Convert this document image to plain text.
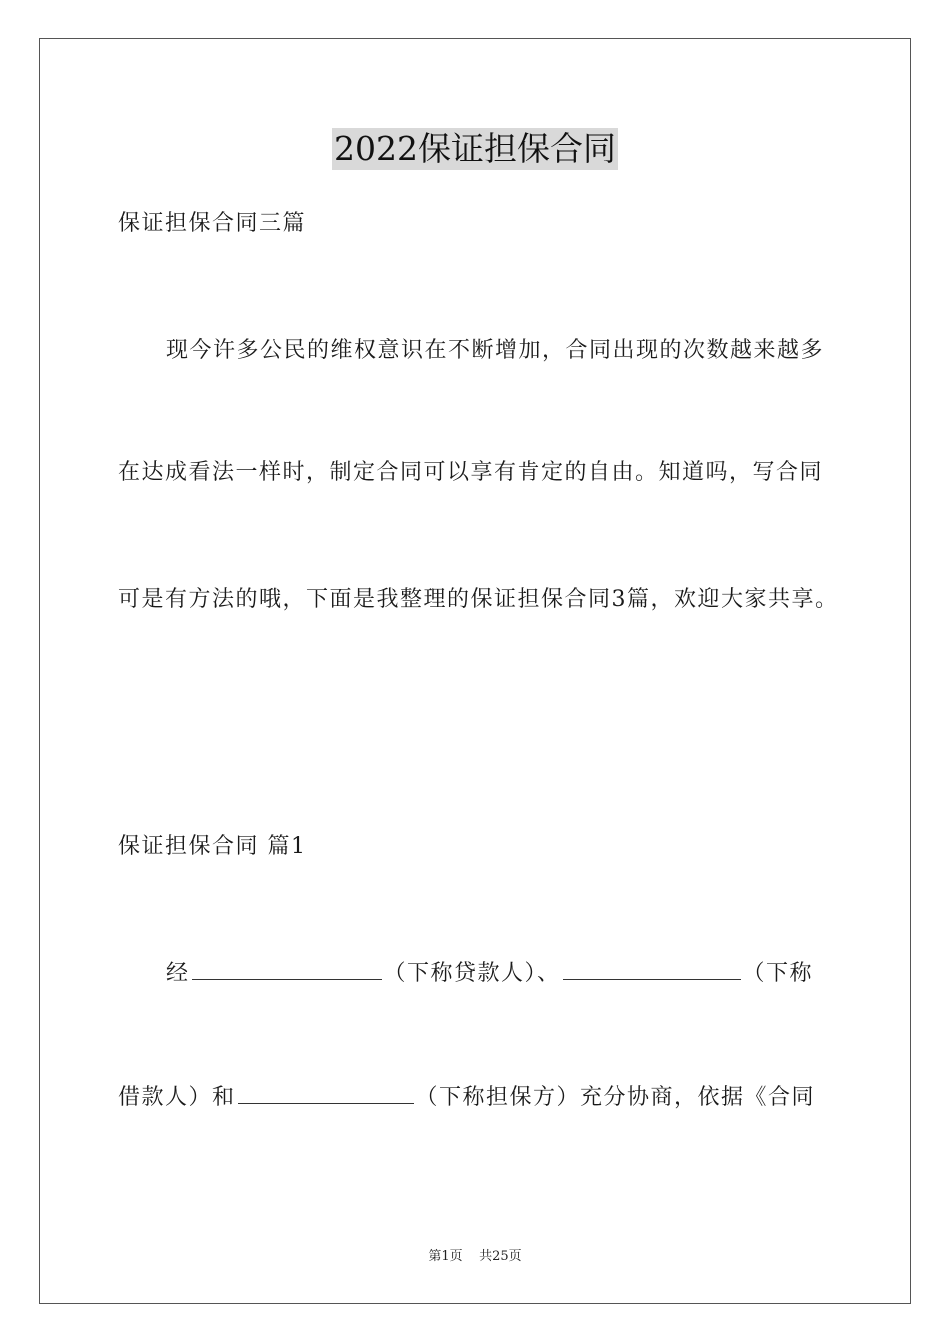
2022保证担保合同
保证担保合同三篇
现今许多公民的维权意识在不断增加，合同出现的次数越来越多
在达成看法一样时，制定合同可以享有肯定的自由。知道吗，写合同
可是有方法的哦，下面是我整理的保证担保合同3篇，欢迎大家共享。
保证担保合同 篇1
经	（下称贷款人）、	（下称
借款人）和	（下称担保方）充分协商，依据《合同
第1页 共25页
